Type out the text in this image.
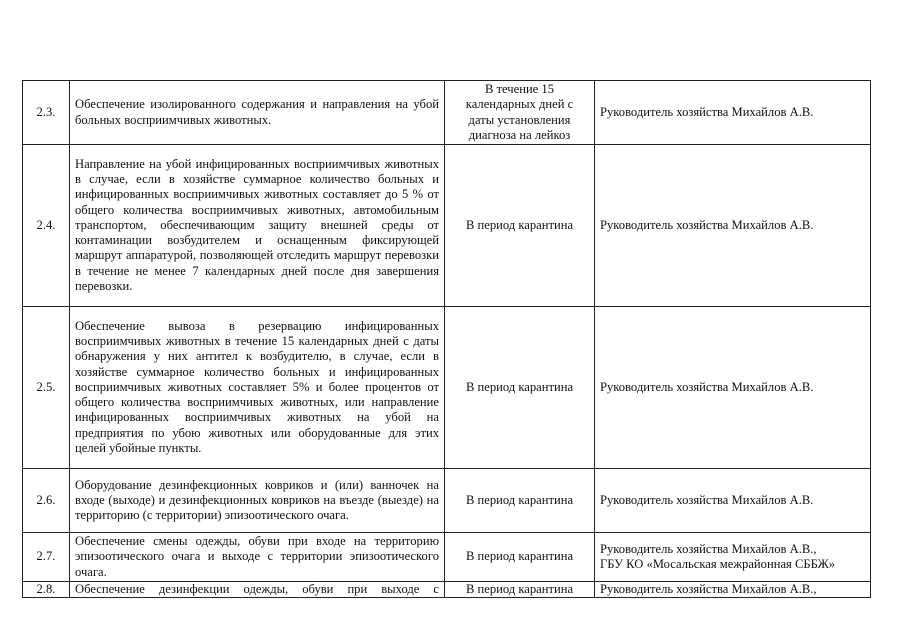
2.3.	Обеспечение изолированного содержания и направления на убой больных восприимчивых животных.	В течение 15
календарных дней с
даты установления
диагноза на лейкоз	Руководитель хозяйства Михайлов А.В.

2.4.	Направление на убой инфицированных восприимчивых животных в случае, если в хозяйстве суммарное количество больных и инфицированных восприимчивых животных составляет до 5 % от общего количества восприимчивых животных, автомобильным транспортом, обеспечивающим защиту внешней среды от контаминации возбудителем и оснащенным фиксирующей маршрут аппаратурой, позволяющей отследить маршрут перевозки в течение не менее 7 календарных дней после дня завершения перевозки.	В период карантина	Руководитель хозяйства Михайлов А.В.

2.5.	Обеспечение вывоза в резервацию инфицированных восприимчивых животных в течение 15 календарных дней с даты обнаружения у них антител к возбудителю, в случае, если в хозяйстве суммарное количество больных и инфицированных восприимчивых животных составляет 5% и более процентов от общего количества восприимчивых животных, или направление инфицированных восприимчивых животных на убой на предприятия по убою животных или оборудованные для этих целей убойные пункты.	В период карантина	Руководитель хозяйства Михайлов А.В.

2.6.	Оборудование дезинфекционных ковриков и (или) ванночек на входе (выходе) и дезинфекционных ковриков на въезде (выезде) на территорию (с территории) эпизоотического очага.	В период карантина	Руководитель хозяйства Михайлов А.В.

2.7.	Обеспечение смены одежды, обуви при входе на территорию эпизоотического очага и выходе с территории эпизоотического очага.	В период карантина	Руководитель хозяйства Михайлов А.В.,
ГБУ КО «Мосальская межрайонная СББЖ»

2.8.	Обеспечение дезинфекции одежды, обуви при выходе с	В период карантина	Руководитель хозяйства Михайлов А.В.,
